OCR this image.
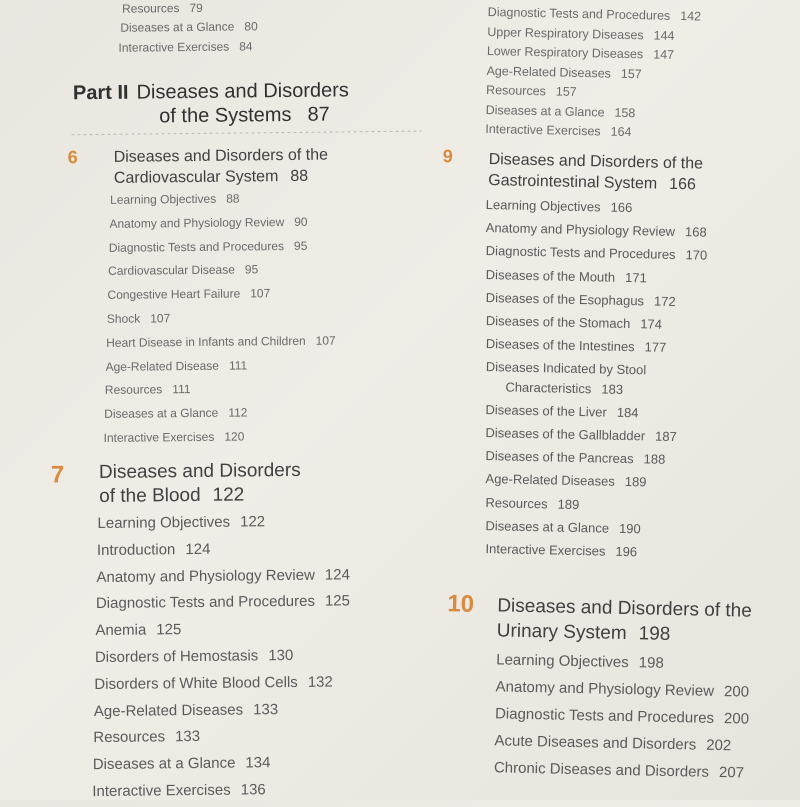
Resources 79
Diseases at a Glance 80
Interactive Exercises 84
Part II Diseases and Disorders
of the Systems 87
6 Diseases and Disorders of the
Cardiovascular System 88
Learning Objectives 88
Anatomy and Physiology Review 90
Diagnostic Tests and Procedures 95
Cardiovascular Disease 95
Congestive Heart Failure 107
Shock 107
Heart Disease in Infants and Children 107
Age-Related Disease 111
Resources 111
Diseases at a Glance 112
Interactive Exercises 120
7 Diseases and Disorders
of the Blood 122
Learning Objectives 122
Introduction 124
Anatomy and Physiology Review 124
Diagnostic Tests and Procedures 125
Anemia 125
Disorders of Hemostasis 130
Disorders of White Blood Cells 132
Age-Related Diseases 133
Resources 133
Diseases at a Glance 134
Interactive Exercises 136
Diagnostic Tests and Procedures 142
Upper Respiratory Diseases 144
Lower Respiratory Diseases 147
Age-Related Diseases 157
Resources 157
Diseases at a Glance 158
Interactive Exercises 164
9 Diseases and Disorders of the
Gastrointestinal System 166
Learning Objectives 166
Anatomy and Physiology Review 168
Diagnostic Tests and Procedures 170
Diseases of the Mouth 171
Diseases of the Esophagus 172
Diseases of the Stomach 174
Diseases of the Intestines 177
Diseases Indicated by Stool
Characteristics 183
Diseases of the Liver 184
Diseases of the Gallbladder 187
Diseases of the Pancreas 188
Age-Related Diseases 189
Resources 189
Diseases at a Glance 190
Interactive Exercises 196
10 Diseases and Disorders of the
Urinary System 198
Learning Objectives 198
Anatomy and Physiology Review 200
Diagnostic Tests and Procedures 200
Acute Diseases and Disorders 202
Chronic Diseases and Disorders 207
